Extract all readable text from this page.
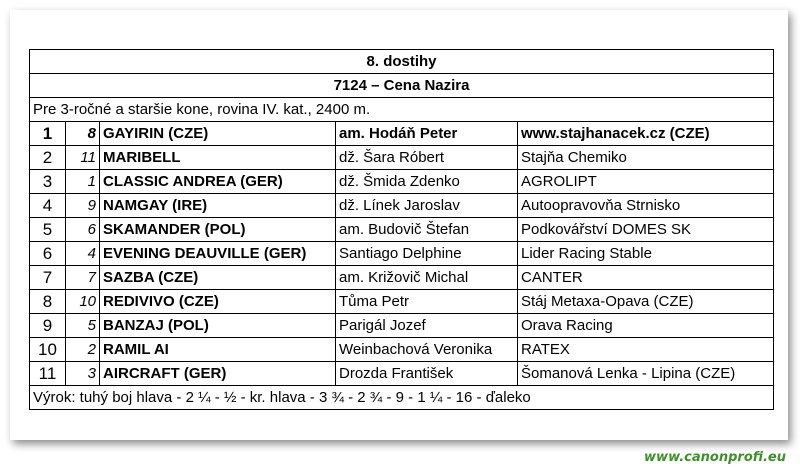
8. dostihy				
7124 – Cena Nazira				
Pre 3-ročné a staršie kone, rovina IV. kat., 2400 m.				
1	8	GAYIRIN (CZE)	am. Hodáň Peter	www.stajhanacek.cz (CZE)
2	11	MARIBELL	dž. Šara Róbert	Stajňa Chemiko
3	1	CLASSIC ANDREA (GER)	dž. Šmida Zdenko	AGROLIPT
4	9	NAMGAY (IRE)	dž. Línek Jaroslav	Autoopravovňa Strnisko
5	6	SKAMANDER (POL)	am. Budovič Štefan	Podkovářství DOMES SK
6	4	EVENING DEAUVILLE (GER)	Santiago Delphine	Lider Racing Stable
7	7	SAZBA (CZE)	am. Križovič Michal	CANTER
8	10	REDIVIVO (CZE)	Tůma Petr	Stáj Metaxa-Opava (CZE)
9	5	BANZAJ (POL)	Parigál Jozef	Orava Racing
10	2	RAMIL AI	Weinbachová Veronika	RATEX
11	3	AIRCRAFT (GER)	Drozda František	Šomanová Lenka - Lipina (CZE)
Výrok: tuhý boj hlava - 2 ¼ - ½ - kr. hlava - 3 ¾ - 2 ¾ - 9 - 1 ¼ - 16 - ďaleko				
www.canonprofi.eu
